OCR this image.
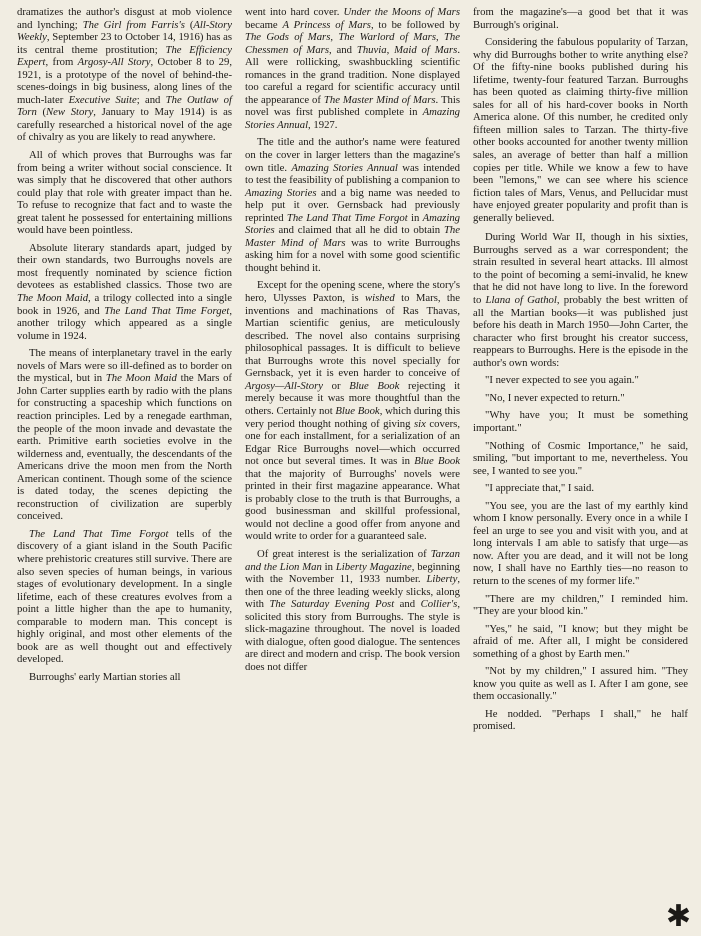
dramatizes the author's disgust at mob violence and lynching; The Girl from Farris's (All-Story Weekly, September 23 to October 14, 1916) has as its central theme prostitution; The Efficiency Expert, from Argosy-All Story, October 8 to 29, 1921, is a prototype of the novel of behind-the-scenes-doings in big business, along lines of the much-later Executive Suite; and The Outlaw of Torn (New Story, January to May 1914) is as carefully researched a historical novel of the age of chivalry as you are likely to read anywhere.

All of which proves that Burroughs was far from being a writer without social conscience. It was simply that he discovered that other authors could play that role with greater impact than he. To refuse to recognize that fact and to waste the great talent he possessed for entertaining millions would have been pointless.

Absolute literary standards apart, judged by their own standards, two Burroughs novels are most frequently nominated by science fiction devotees as established classics. Those two are The Moon Maid, a trilogy collected into a single book in 1926, and The Land That Time Forget, another trilogy which appeared as a single volume in 1924.

The means of interplanetary travel in the early novels of Mars were so ill-defined as to border on the mystical, but in The Moon Maid the Mars of John Carter supplies earth by radio with the plans for constructing a spaceship which functions on reaction principles. Led by a renegade earthman, the people of the moon invade and devastate the earth. Primitive earth societies evolve in the wilderness and, eventually, the descendants of the Americans drive the moon men from the North American continent. Though some of the science is dated today, the scenes depicting the reconstruction of civilization are superbly conceived.

The Land That Time Forgot tells of the discovery of a giant island in the South Pacific where prehistoric creatures still survive. There are also seven species of human beings, in various stages of evolutionary development. In a single lifetime, each of these creatures evolves from a point a little higher than the ape to humanity, comparable to modern man. This concept is highly original, and most other elements of the book are as well thought out and effectively developed.

Burroughs' early Martian stories all

went into hard cover. Under the Moons of Mars became A Princess of Mars, to be followed by The Gods of Mars, The Warlord of Mars, The Chessmen of Mars, and Thuvia, Maid of Mars. All were rollicking, swashbuckling scientific romances in the grand tradition. None displayed too careful a regard for scientific accuracy until the appearance of The Master Mind of Mars. This novel was first published complete in Amazing Stories Annual, 1927.

The title and the author's name were featured on the cover in larger letters than the magazine's own title. Amazing Stories Annual was intended to test the feasibility of publishing a companion to Amazing Stories and a big name was needed to help put it over. Gernsback had previously reprinted The Land That Time Forgot in Amazing Stories and claimed that all he did to obtain The Master Mind of Mars was to write Burroughs asking him for a novel with some good scientific thought behind it.

Except for the opening scene, where the story's hero, Ulysses Paxton, is wished to Mars, the inventions and machinations of Ras Thavas, Martian scientific genius, are meticulously described. The novel also contains surprising philosophical passages. It is difficult to believe that Burroughs wrote this novel specially for Gernsback, yet it is even harder to conceive of Argosy—All-Story or Blue Book rejecting it merely because it was more thoughtful than the others. Certainly not Blue Book, which during this very period thought nothing of giving six covers, one for each installment, for a serialization of an Edgar Rice Burroughs novel—which occurred not once but several times. It was in Blue Book that the majority of Burroughs' novels were printed in their first magazine appearance. What is probably close to the truth is that Burroughs, a good businessman and skillful professional, would not decline a good offer from anyone and would write to order for a guaranteed sale.

Of great interest is the serialization of Tarzan and the Lion Man in Liberty Magazine, beginning with the November 11, 1933 number. Liberty, then one of the three leading weekly slicks, along with The Saturday Evening Post and Collier's, solicited this story from Burroughs. The style is slick-magazine throughout. The novel is loaded with dialogue, often good dialogue. The sentences are direct and modern and crisp. The book version does not differ

from the magazine's—a good bet that it was Burrough's original.

Considering the fabulous popularity of Tarzan, why did Burroughs bother to write anything else? Of the fifty-nine books published during his lifetime, twenty-four featured Tarzan. Burroughs has been quoted as claiming thirty-five million sales for all of his hard-cover books in North America alone. Of this number, he credited only fifteen million sales to Tarzan. The thirty-five other books accounted for another twenty million sales, an average of better than half a million copies per title. While we know a few to have been "lemons," we can see where his science fiction tales of Mars, Venus, and Pellucidar must have enjoyed greater popularity and profit than is generally believed.

During World War II, though in his sixties, Burroughs served as a war correspondent; the strain resulted in several heart attacks. Ill almost to the point of becoming a semi-invalid, he knew that he did not have long to live. In the foreword to Llana of Gathol, probably the best written of all the Martian books—it was published just before his death in March 1950—John Carter, the character who first brought his creator success, reappears to Burroughs. Here is the episode in the author's own words:

"I never expected to see you again."

"No, I never expected to return."

"Why have you; It must be something important."

"Nothing of Cosmic Importance," he said, smiling, "but important to me, nevertheless. You see, I wanted to see you."

"I appreciate that," I said.

"You see, you are the last of my earthly kind whom I know personally. Every once in a while I feel an urge to see you and visit with you, and at long intervals I am able to satisfy that urge—as now. After you are dead, and it will not be long now, I shall have no Earthly ties—no reason to return to the scenes of my former life."

"There are my children," I reminded him. "They are your blood kin."

"Yes," he said, "I know; but they might be afraid of me. After all, I might be considered something of a ghost by Earth men."

"Not by my children," I assured him. "They know you quite as well as I. After I am gone, see them occasionally."

He nodded. "Perhaps I shall," he half promised.

✱
